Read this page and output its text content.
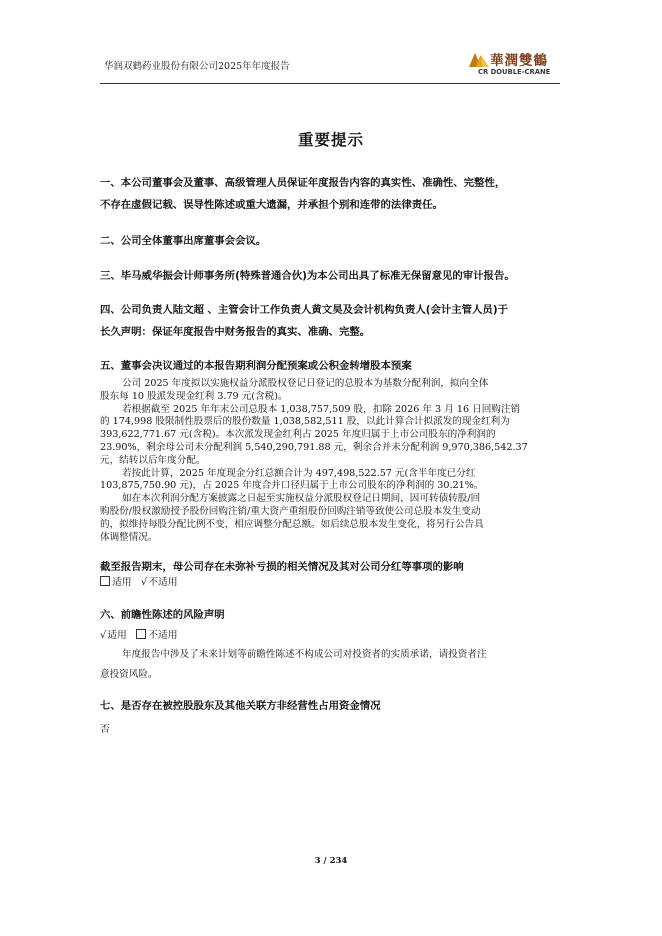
华润双鹤药业股份有限公司2025年年度报告	華潤雙鶴
CR DOUBLE-CRANE
重要提示
一、本公司董事会及董事、高级管理人员保证年度报告内容的真实性、准确性、完整性，
不存在虚假记载、误导性陈述或重大遗漏，并承担个别和连带的法律责任。
二、公司全体董事出席董事会会议。
三、毕马威华振会计师事务所(特殊普通合伙)为本公司出具了标准无保留意见的审计报告。
四、公司负责人陆文超 、主管会计工作负责人黄文昊及会计机构负责人(会计主管人员)于
长久声明：保证年度报告中财务报告的真实、准确、完整。
五、董事会决议通过的本报告期利润分配预案或公积金转增股本预案
公司 2025 年度拟以实施权益分派股权登记日登记的总股本为基数分配利润，拟向全体
股东每 10 股派发现金红利 3.79 元(含税)。
若根据截至 2025 年年末公司总股本 1,038,757,509 股，扣除 2026 年 3 月 16 日回购注销
的 174,998 股限制性股票后的股份数量 1,038,582,511 股，以此计算合计拟派发的现金红利为
393,622,771.67 元(含税)。本次派发现金红利占 2025 年度归属于上市公司股东的净利润的
23.90%，剩余母公司未分配利润 5,540,290,791.88 元，剩余合并未分配利润 9,970,386,542.37
元，结转以后年度分配。
若按此计算，2025 年度现金分红总额合计为 497,498,522.57 元(含半年度已分红
103,875,750.90 元)，占 2025 年度合并口径归属于上市公司股东的净利润的 30.21%。
如在本次利润分配方案披露之日起至实施权益分派股权登记日期间，因可转债转股/回
购股份/股权激励授予股份回购注销/重大资产重组股份回购注销等致使公司总股本发生变动
的，拟维持每股分配比例不变，相应调整分配总额。如后续总股本发生变化，将另行公告具
体调整情况。
截至报告期末，母公司存在未弥补亏损的相关情况及其对公司分红等事项的影响
适用 √不适用
六、前瞻性陈述的风险声明
√适用 不适用
年度报告中涉及了未来计划等前瞻性陈述不构成公司对投资者的实质承诺，请投资者注
意投资风险。
七、是否存在被控股股东及其他关联方非经营性占用资金情况
否
3 / 234
